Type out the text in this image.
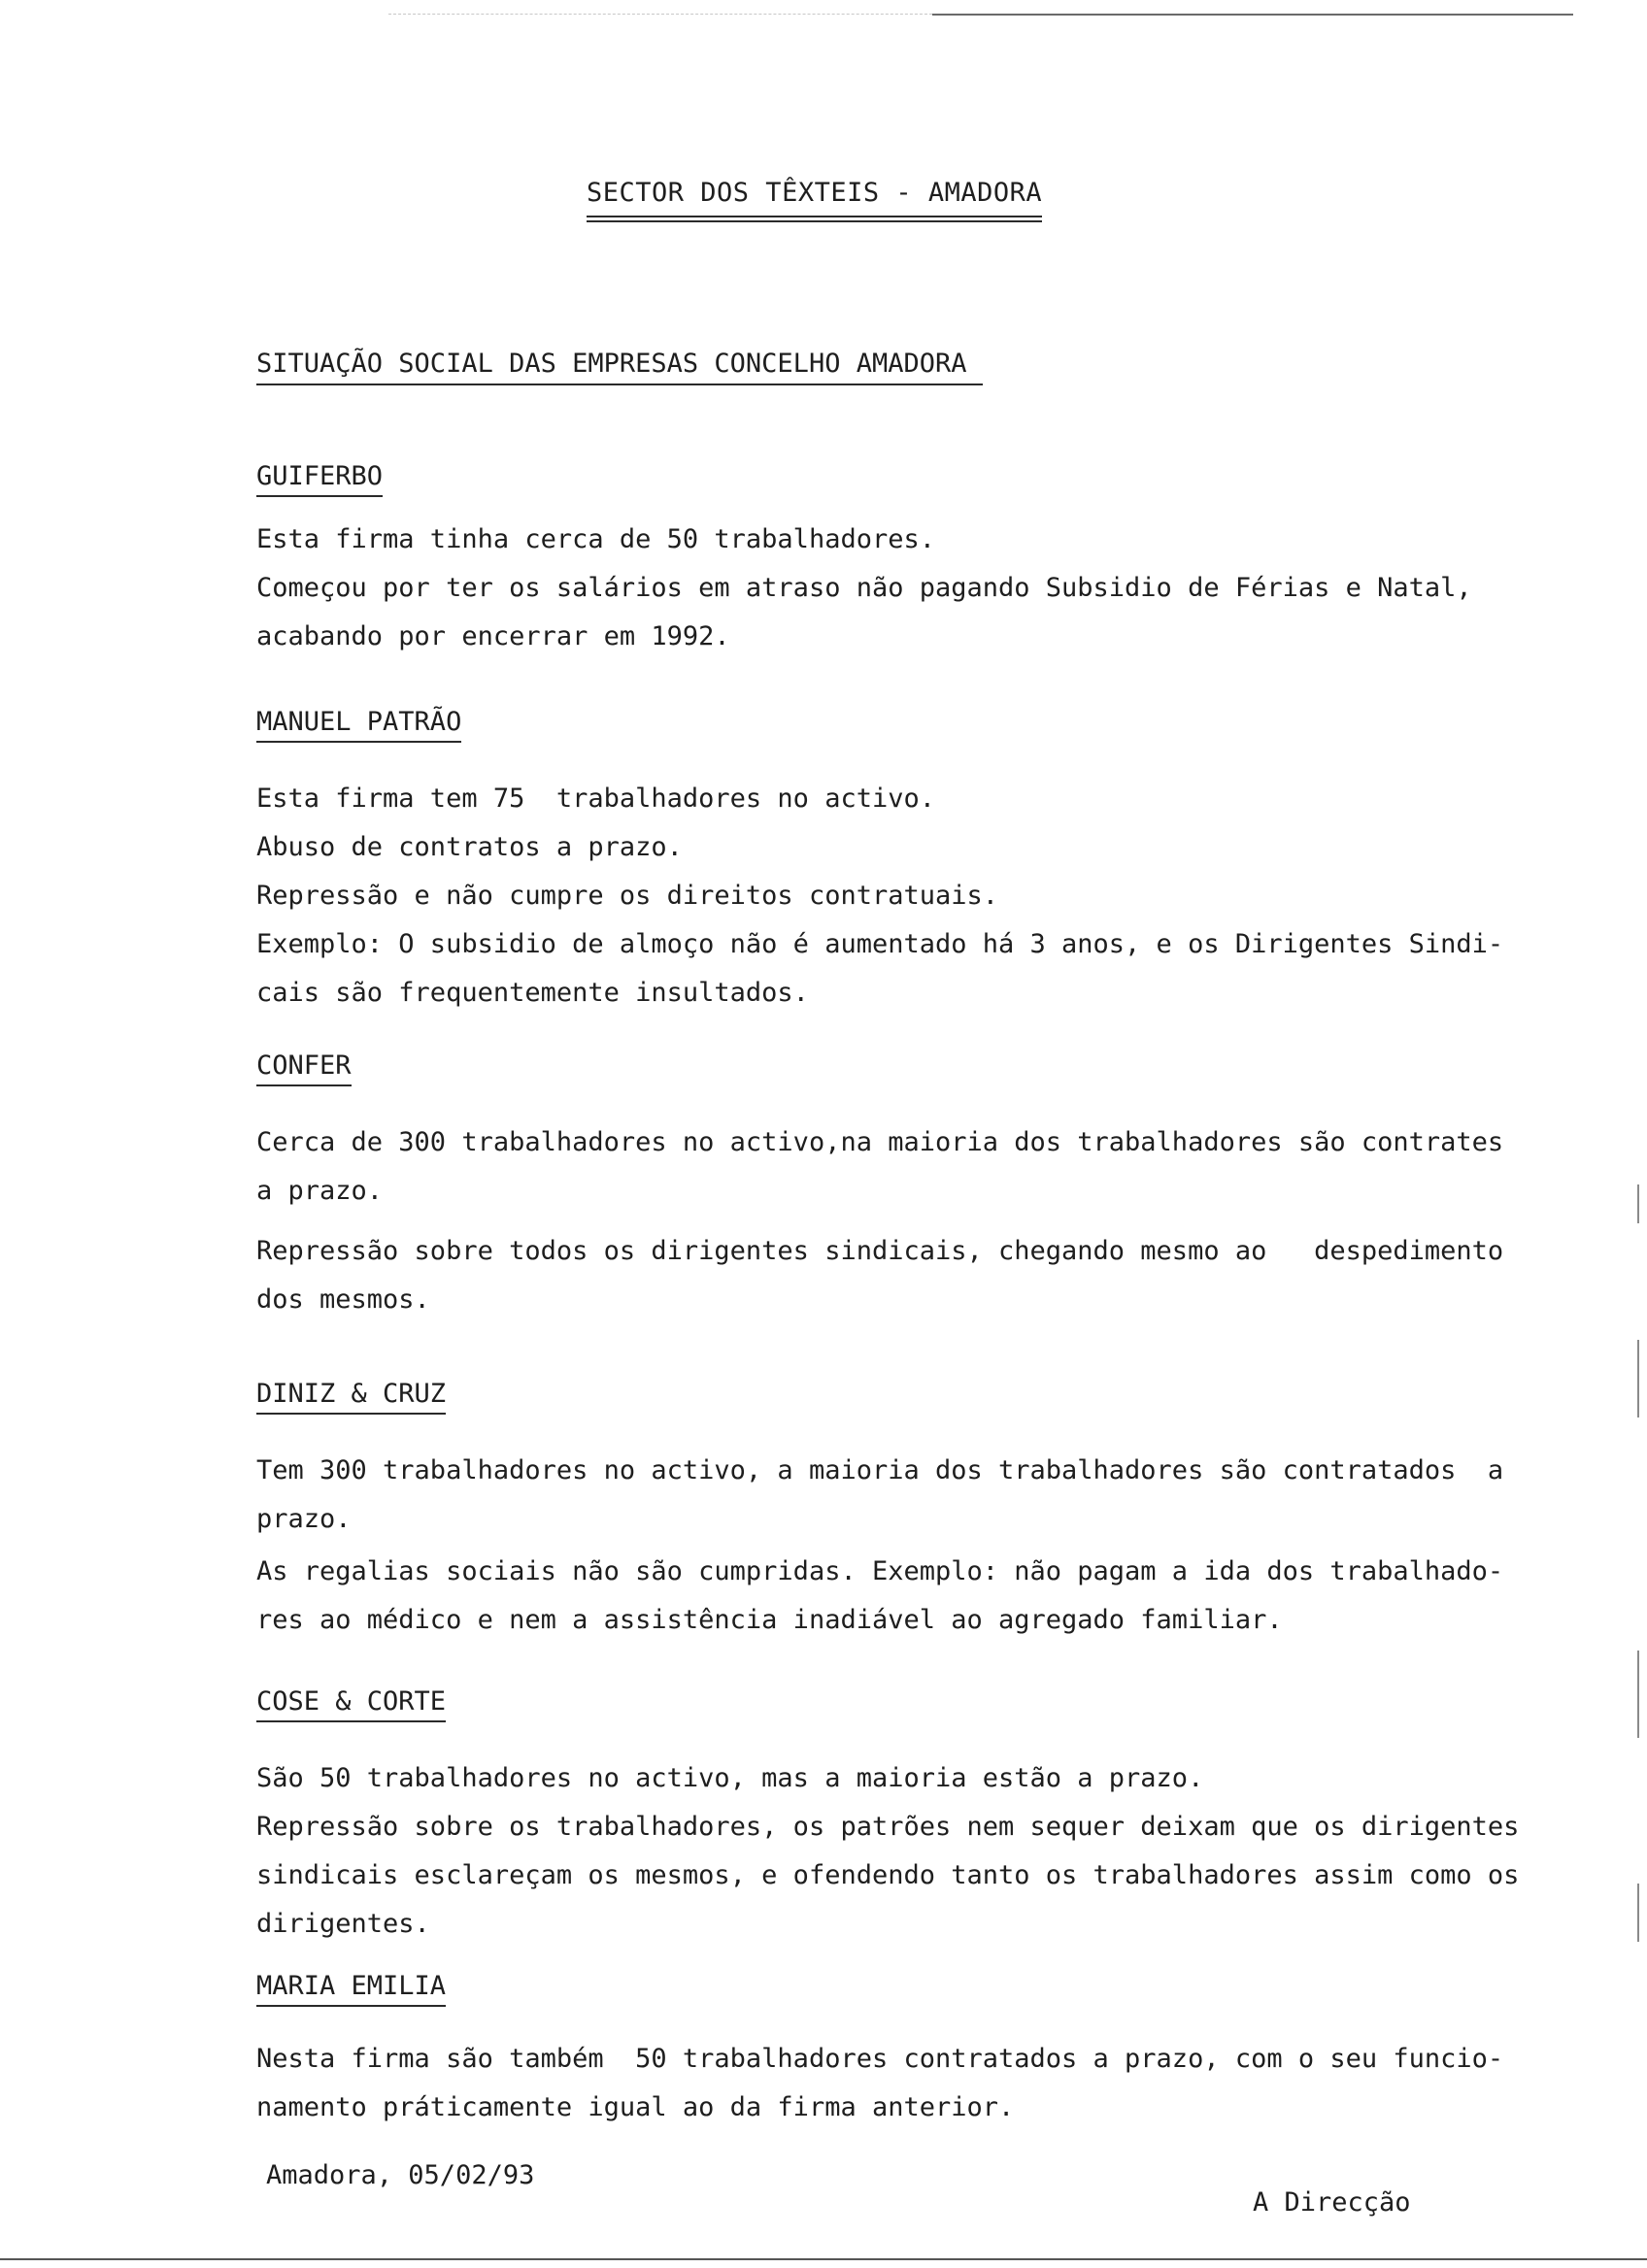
SECTOR DOS TÊXTEIS - AMADORA
SITUAÇÃO SOCIAL DAS EMPRESAS CONCELHO AMADORA
GUIFERBO

Esta firma tinha cerca de 50 trabalhadores.
Começou por ter os salários em atraso não pagando Subsidio de Férias e Natal,
acabando por encerrar em 1992.

MANUEL PATRÃO

Esta firma tem 75  trabalhadores no activo.
Abuso de contratos a prazo.
Repressão e não cumpre os direitos contratuais.
Exemplo: O subsidio de almoço não é aumentado há 3 anos, e os Dirigentes Sindi-
cais são frequentemente insultados.

CONFER

Cerca de 300 trabalhadores no activo,na maioria dos trabalhadores são contrates
a prazo.

Repressão sobre todos os dirigentes sindicais, chegando mesmo ao   despedimento
dos mesmos.

DINIZ & CRUZ

Tem 300 trabalhadores no activo, a maioria dos trabalhadores são contratados  a
prazo.

As regalias sociais não são cumpridas. Exemplo: não pagam a ida dos trabalhado-
res ao médico e nem a assistência inadiável ao agregado familiar.

COSE & CORTE

São 50 trabalhadores no activo, mas a maioria estão a prazo.
Repressão sobre os trabalhadores, os patrões nem sequer deixam que os dirigentes
sindicais esclareçam os mesmos, e ofendendo tanto os trabalhadores assim como os
dirigentes.

MARIA EMILIA

Nesta firma são também  50 trabalhadores contratados a prazo, com o seu funcio-
namento práticamente igual ao da firma anterior.

Amadora, 05/02/93
A Direcção
